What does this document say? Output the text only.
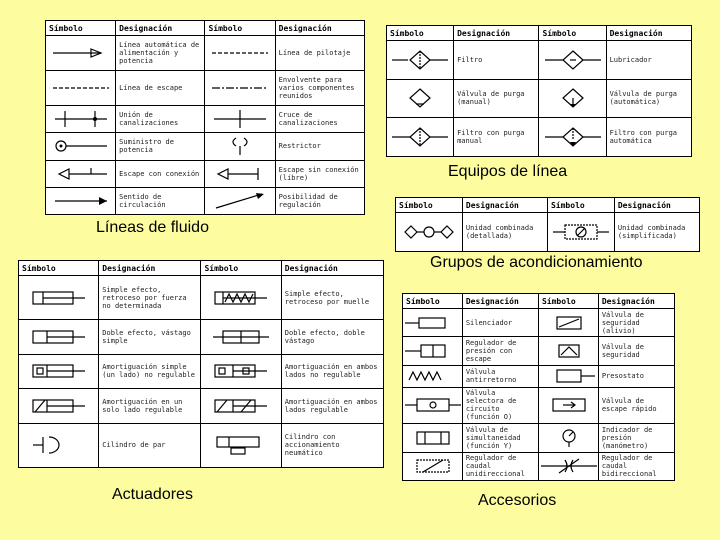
Símbolo	Designación	Símbolo	Designación

	Línea automática de alimentación y potencia		Línea de pilotaje

	Línea de escape		Envolvente para varios componentes reunidos

	Unión de canalizaciones		Cruce de canalizaciones

	Suministro de potencia		Restrictor

	Escape con conexión		Escape sin conexión (libre)

	Sentido de circulación		Posibilidad de regulación
Líneas de fluido
Símbolo	Designación	Símbolo	Designación

	Filtro		Lubricador

	Válvula de purga (manual)		Válvula de purga (automática)

	Filtro con purga manual		Filtro con purga automática
Equipos de línea
Símbolo	Designación	Símbolo	Designación

	Unidad combinada (detallada)		Unidad combinada (simplificada)
Grupos de acondicionamiento
Símbolo	Designación	Símbolo	Designación

	Simple efecto, retroceso por fuerza no determinada		Simple efecto, retroceso por muelle

	Doble efecto, vástago simple		Doble efecto, doble vástago

	Amortiguación simple (un lado) no regulable		Amortiguación en ambos lados no regulable

	Amortiguación en un solo lado regulable		Amortiguación en ambos lados regulable

	Cilindro de par		Cilindro con accionamiento neumático
Actuadores
Símbolo	Designación	Símbolo	Designación

	Silenciador		Válvula de seguridad (alivio)

	Regulador de presión con escape		Válvula de seguridad

	Válvula antirretorno		Presostato

	Válvula selectora de circuito (función O)		Válvula de escape rápido

	Válvula de simultaneidad (función Y)		Indicador de presión (manómetro)

	Regulador de caudal unidireccional		Regulador de caudal bidireccional
Accesorios
